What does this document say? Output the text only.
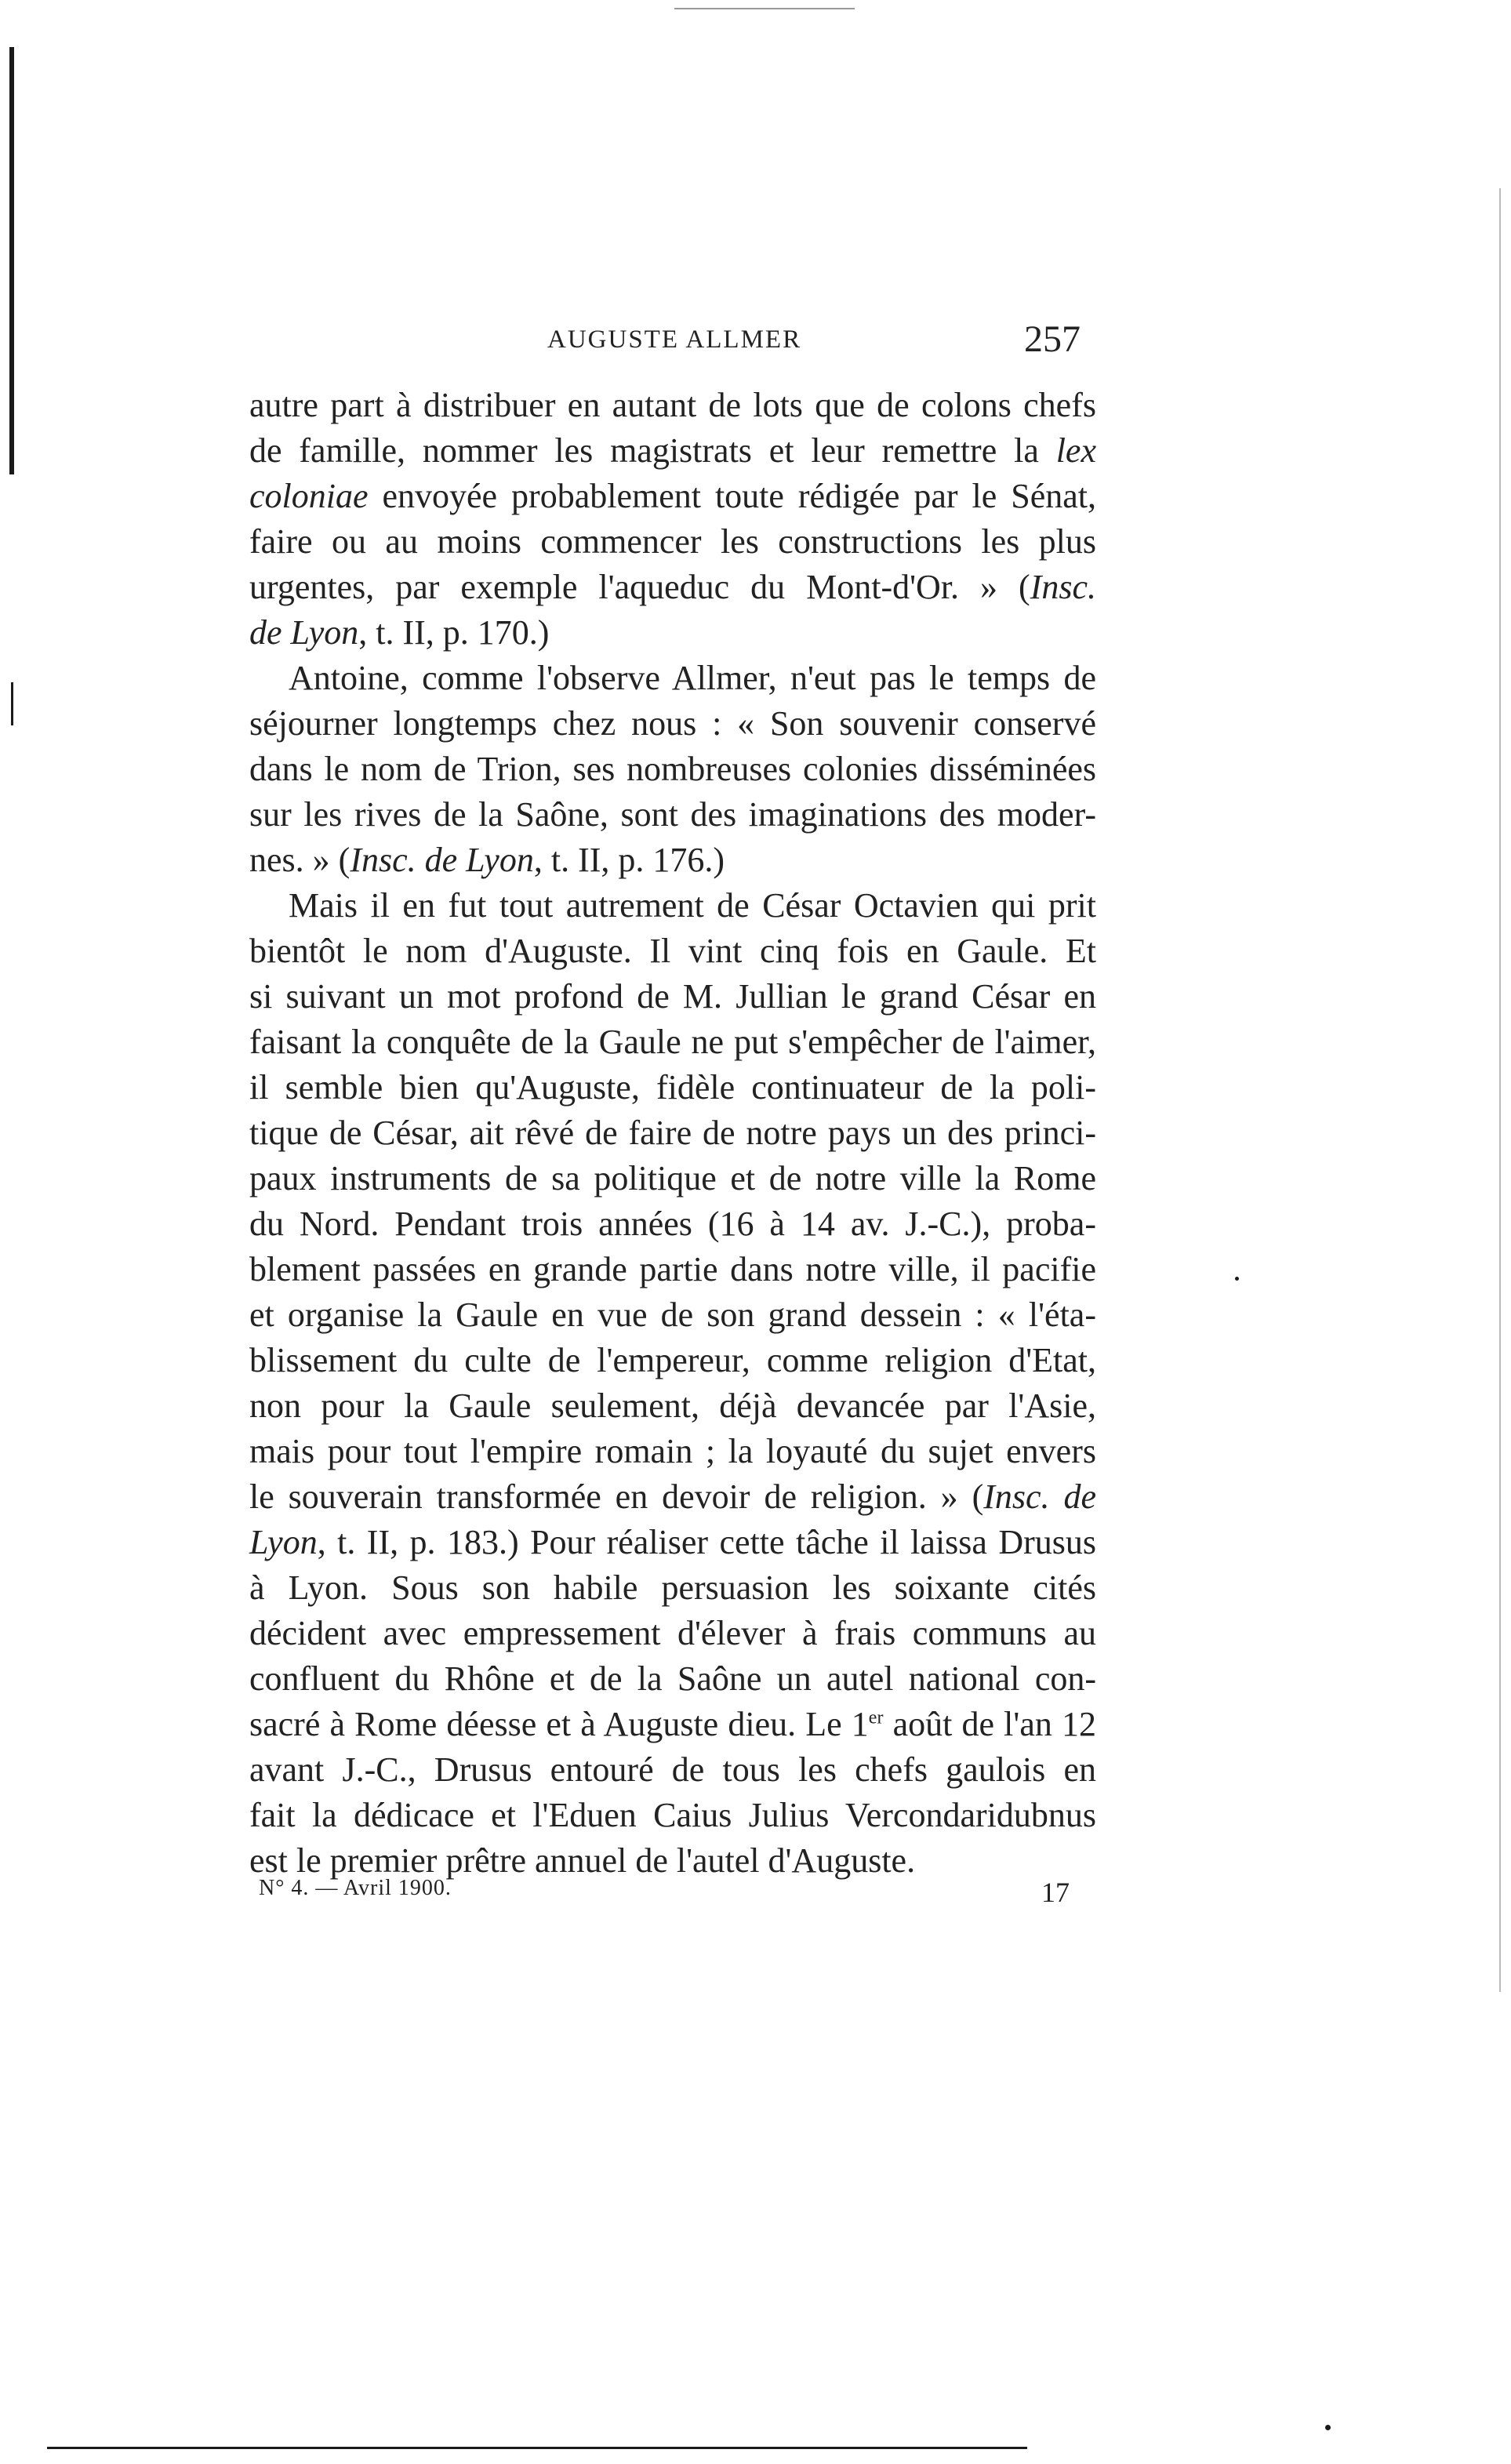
AUGUSTE ALLMER	257
autre part à distribuer en autant de lots que de colons chefs
de famille, nommer les magistrats et leur remettre la lex
coloniae envoyée probablement toute rédigée par le Sénat,
faire ou au moins commencer les constructions les plus
urgentes, par exemple l'aqueduc du Mont-d'Or. » (Insc.
de Lyon, t. II, p. 170.)
Antoine, comme l'observe Allmer, n'eut pas le temps de
séjourner longtemps chez nous : « Son souvenir conservé
dans le nom de Trion, ses nombreuses colonies disséminées
sur les rives de la Saône, sont des imaginations des moder-
nes. » (Insc. de Lyon, t. II, p. 176.)
Mais il en fut tout autrement de César Octavien qui prit
bientôt le nom d'Auguste. Il vint cinq fois en Gaule. Et
si suivant un mot profond de M. Jullian le grand César en
faisant la conquête de la Gaule ne put s'empêcher de l'aimer,
il semble bien qu'Auguste, fidèle continuateur de la poli-
tique de César, ait rêvé de faire de notre pays un des princi-
paux instruments de sa politique et de notre ville la Rome
du Nord. Pendant trois années (16 à 14 av. J.-C.), proba-
blement passées en grande partie dans notre ville, il pacifie
et organise la Gaule en vue de son grand dessein : « l'éta-
blissement du culte de l'empereur, comme religion d'Etat,
non pour la Gaule seulement, déjà devancée par l'Asie,
mais pour tout l'empire romain ; la loyauté du sujet envers
le souverain transformée en devoir de religion. » (Insc. de
Lyon, t. II, p. 183.) Pour réaliser cette tâche il laissa Drusus
à Lyon. Sous son habile persuasion les soixante cités
décident avec empressement d'élever à frais communs au
confluent du Rhône et de la Saône un autel national con-
sacré à Rome déesse et à Auguste dieu. Le 1er août de l'an 12
avant J.-C., Drusus entouré de tous les chefs gaulois en
fait la dédicace et l'Eduen Caius Julius Vercondaridubnus
est le premier prêtre annuel de l'autel d'Auguste.
N° 4. — Avril 1900.	17
